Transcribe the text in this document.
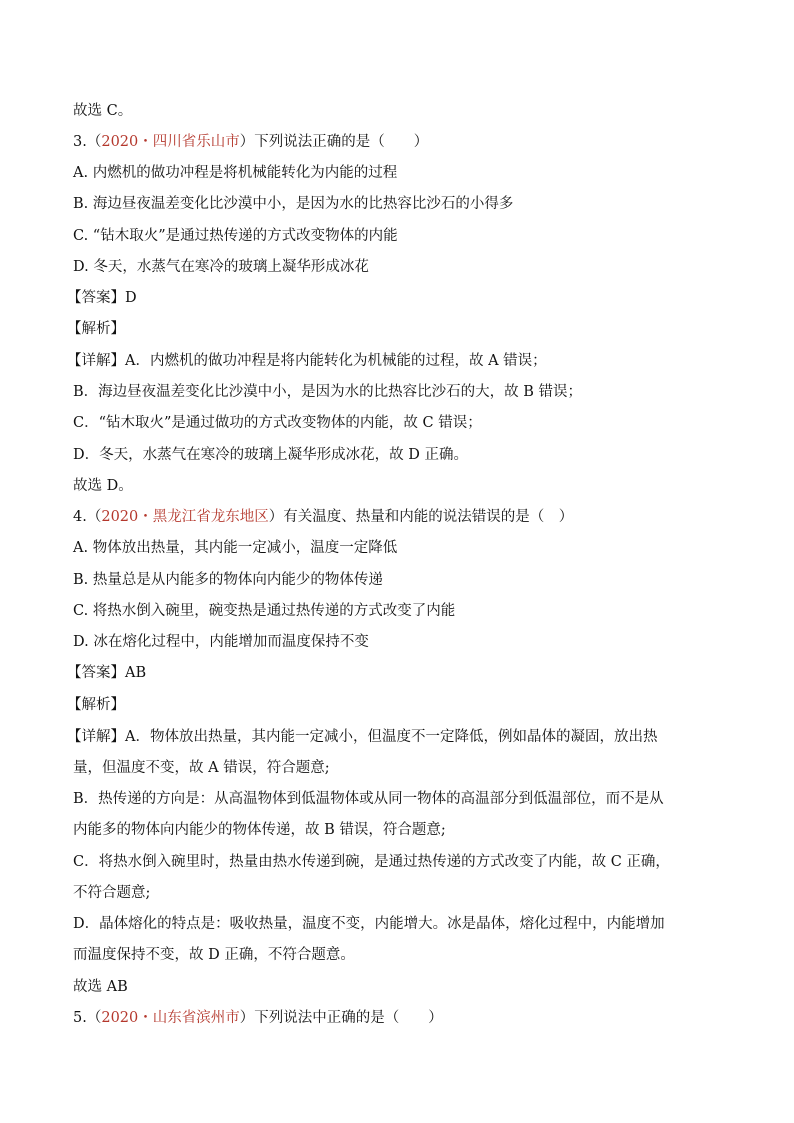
故选 C。
3.（2020・四川省乐山市）下列说法正确的是（　　）
A. 内燃机的做功冲程是将机械能转化为内能的过程
B. 海边昼夜温差变化比沙漠中小，是因为水的比热容比沙石的小得多
C. “钻木取火”是通过热传递的方式改变物体的内能
D. 冬天，水蒸气在寒冷的玻璃上凝华形成冰花
【答案】D
【解析】
【详解】A．内燃机的做功冲程是将内能转化为机械能的过程，故 A 错误；
B．海边昼夜温差变化比沙漠中小，是因为水的比热容比沙石的大，故 B 错误；
C．“钻木取火”是通过做功的方式改变物体的内能，故 C 错误；
D．冬天，水蒸气在寒冷的玻璃上凝华形成冰花，故 D 正确。
故选 D。
4.（2020・黑龙江省龙东地区）有关温度、热量和内能的说法错误的是（　）
A. 物体放出热量，其内能一定减小，温度一定降低
B. 热量总是从内能多的物体向内能少的物体传递
C. 将热水倒入碗里，碗变热是通过热传递的方式改变了内能
D. 冰在熔化过程中，内能增加而温度保持不变
【答案】AB
【解析】
【详解】A．物体放出热量，其内能一定减小，但温度不一定降低，例如晶体的凝固，放出热
量，但温度不变，故 A 错误，符合题意;
B．热传递的方向是：从高温物体到低温物体或从同一物体的高温部分到低温部位，而不是从
内能多的物体向内能少的物体传递，故 B 错误，符合题意;
C．将热水倒入碗里时，热量由热水传递到碗，是通过热传递的方式改变了内能，故 C 正确，
不符合题意;
D．晶体熔化的特点是：吸收热量，温度不变，内能增大。冰是晶体，熔化过程中，内能增加
而温度保持不变，故 D 正确，不符合题意。
故选 AB
5.（2020・山东省滨州市）下列说法中正确的是（　　）
